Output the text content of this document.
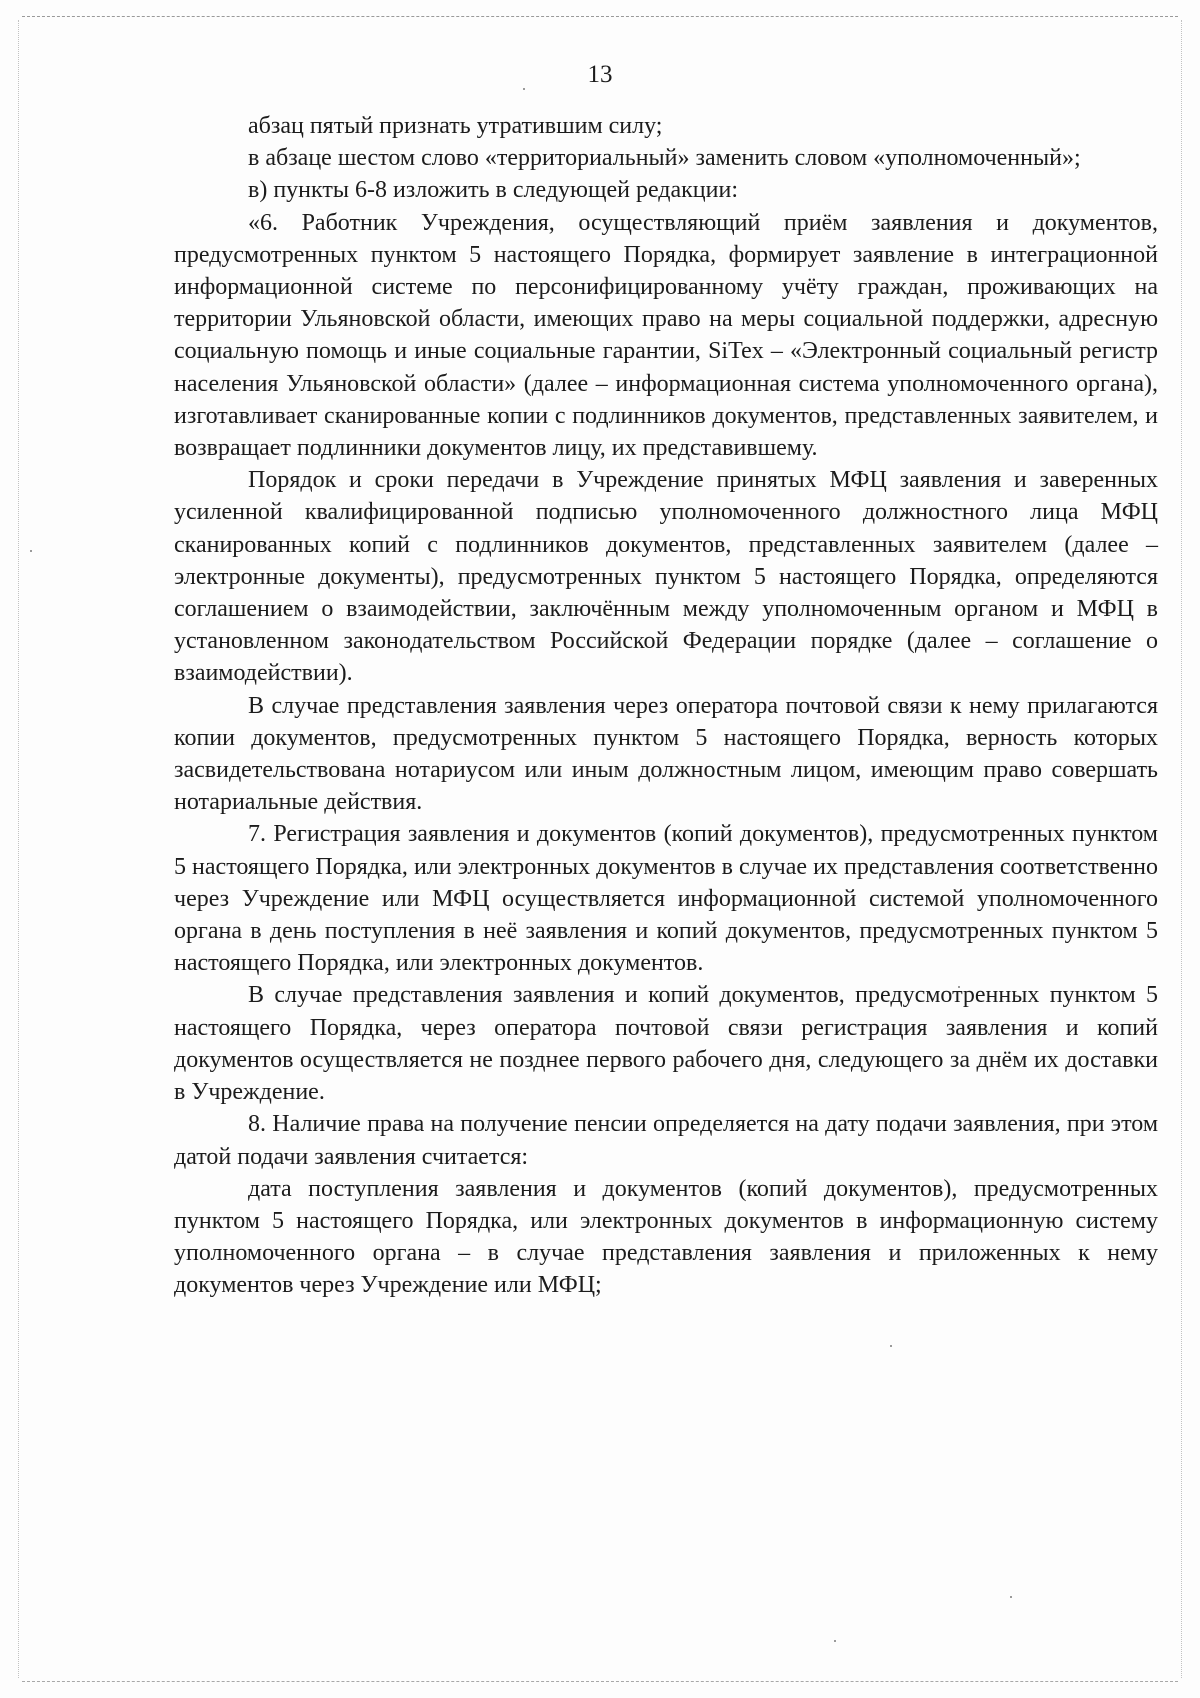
13

абзац пятый признать утратившим силу;

в абзаце шестом слово «территориальный» заменить словом «уполномоченный»;

в) пункты 6-8 изложить в следующей редакции:

«6. Работник Учреждения, осуществляющий приём заявления и документов, предусмотренных пунктом 5 настоящего Порядка, формирует заявление в интеграционной информационной системе по персонифицированному учёту граждан, проживающих на территории Ульяновской области, имеющих право на меры социальной поддержки, адресную социальную помощь и иные социальные гарантии, SiTex – «Электронный социальный регистр населения Ульяновской области» (далее – информационная система уполномоченного органа), изготавливает сканированные копии с подлинников документов, представленных заявителем, и возвращает подлинники документов лицу, их представившему.

Порядок и сроки передачи в Учреждение принятых МФЦ заявления и заверенных усиленной квалифицированной подписью уполномоченного должностного лица МФЦ сканированных копий с подлинников документов, представленных заявителем (далее – электронные документы), предусмотренных пунктом 5 настоящего Порядка, определяются соглашением о взаимодействии, заключённым между уполномоченным органом и МФЦ в установленном законодательством Российской Федерации порядке (далее – соглашение о взаимодействии).

В случае представления заявления через оператора почтовой связи к нему прилагаются копии документов, предусмотренных пунктом 5 настоящего Порядка, верность которых засвидетельствована нотариусом или иным должностным лицом, имеющим право совершать нотариальные действия.

7. Регистрация заявления и документов (копий документов), предусмотренных пунктом 5 настоящего Порядка, или электронных документов в случае их представления соответственно через Учреждение или МФЦ осуществляется информационной системой уполномоченного органа в день поступления в неё заявления и копий документов, предусмотренных пунктом 5 настоящего Порядка, или электронных документов.

В случае представления заявления и копий документов, предусмотренных пунктом 5 настоящего Порядка, через оператора почтовой связи регистрация заявления и копий документов осуществляется не позднее первого рабочего дня, следующего за днём их доставки в Учреждение.

8. Наличие права на получение пенсии определяется на дату подачи заявления, при этом датой подачи заявления считается:

дата поступления заявления и документов (копий документов), предусмотренных пунктом 5 настоящего Порядка, или электронных документов в информационную систему уполномоченного органа – в случае представления заявления и приложенных к нему документов через Учреждение или МФЦ;
